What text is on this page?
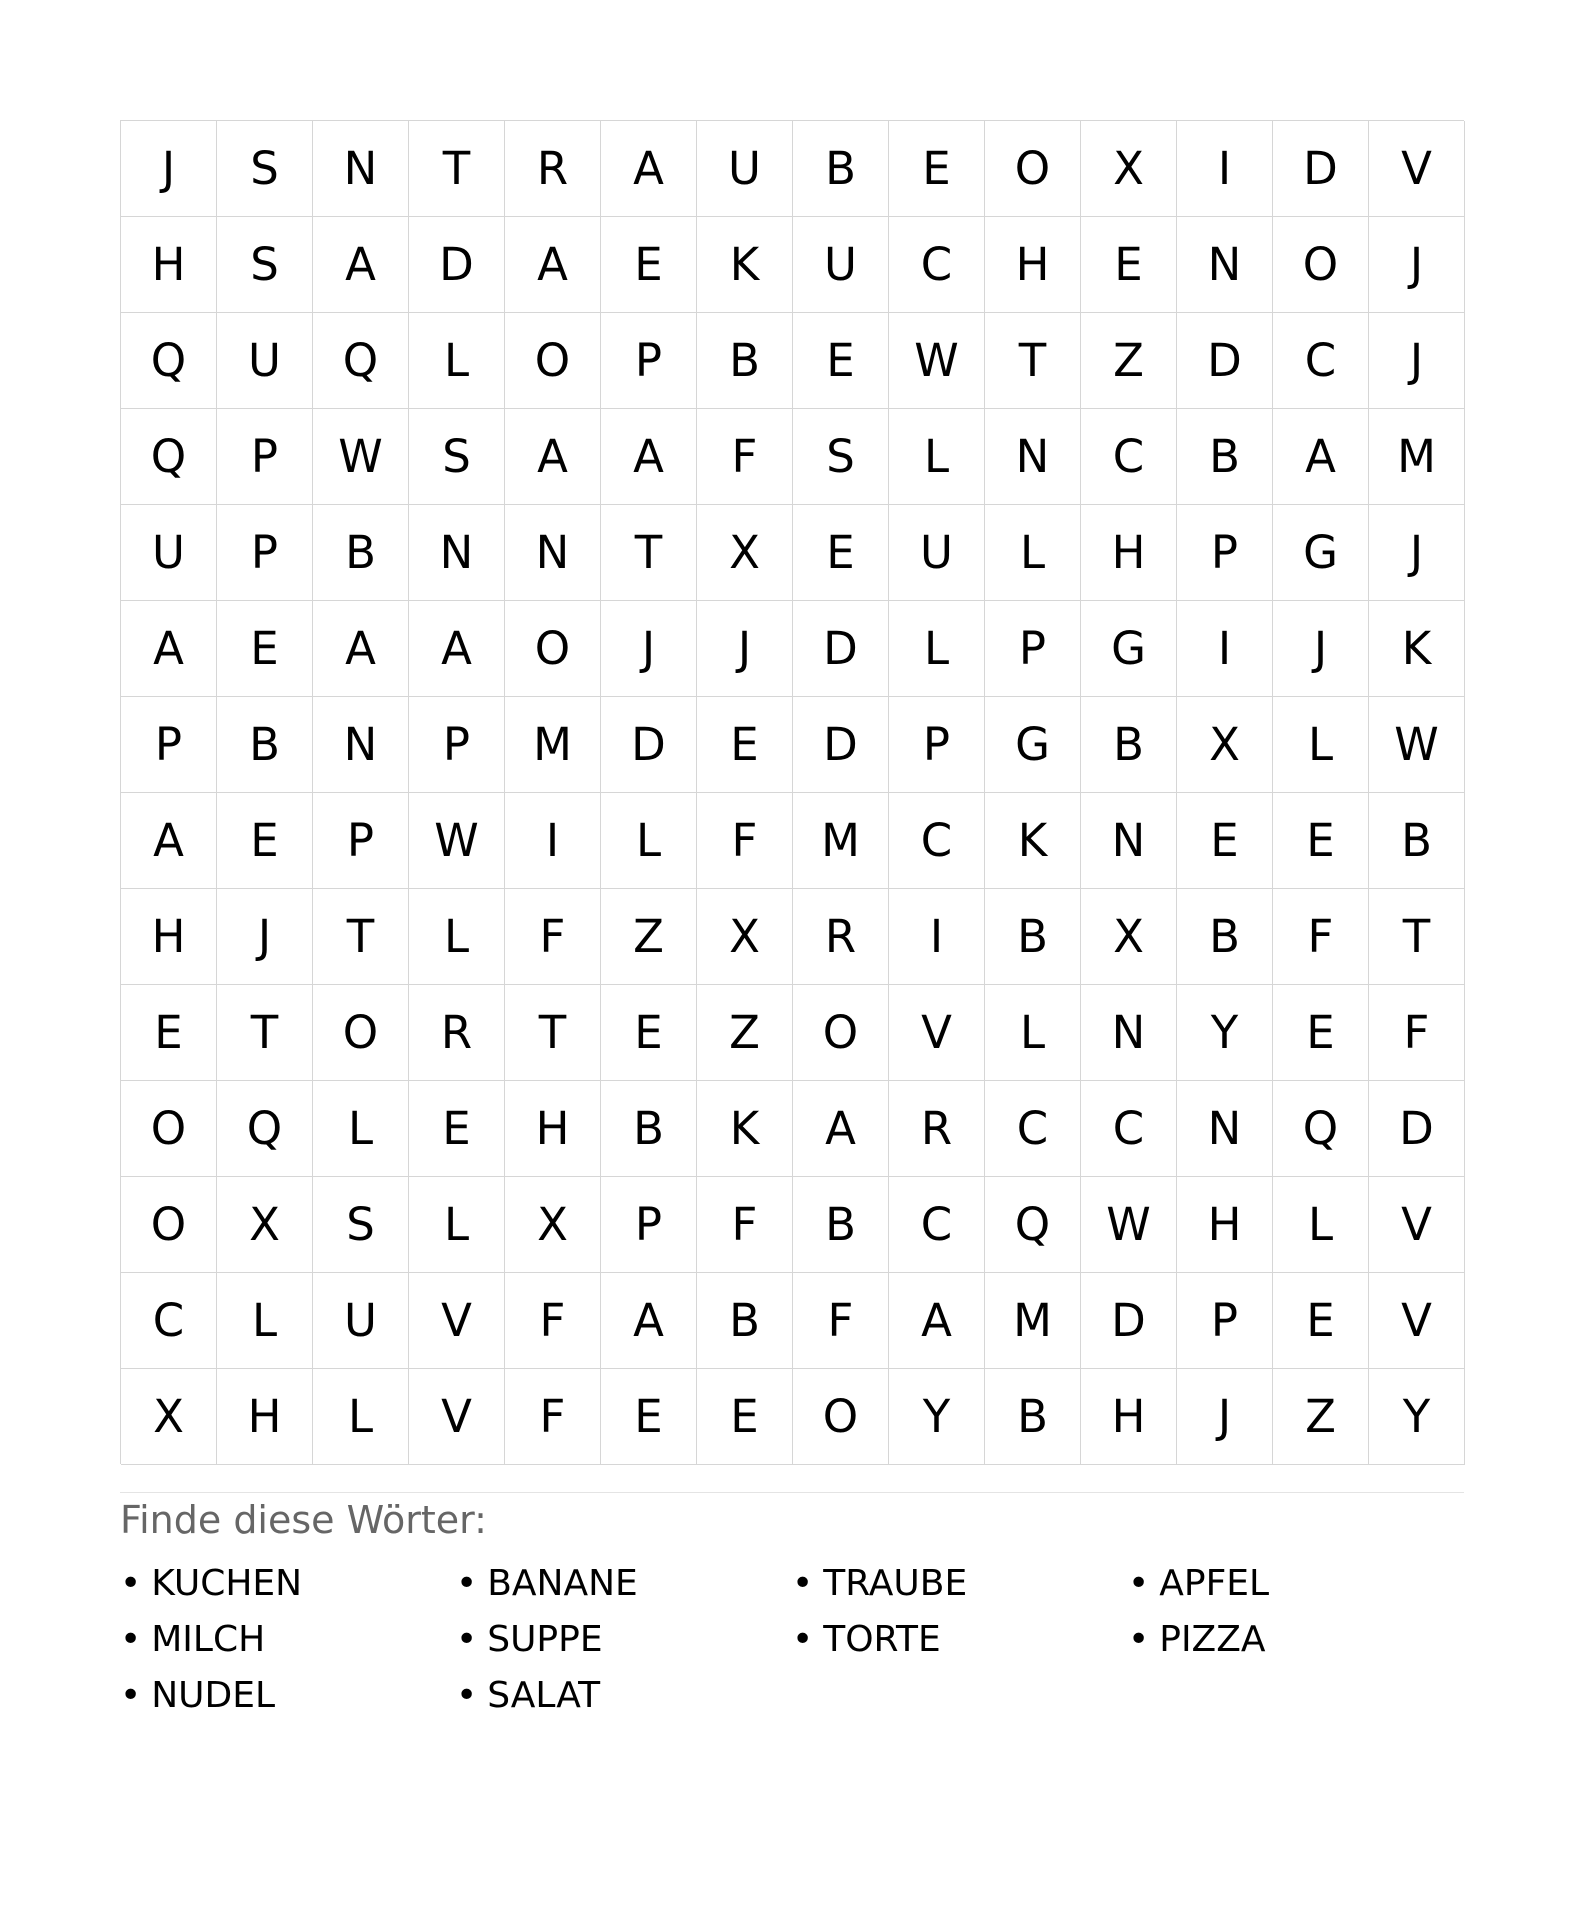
J	S	N	T	R	A	U	B	E	O	X	I	D	V
H	S	A	D	A	E	K	U	C	H	E	N	O	J
Q	U	Q	L	O	P	B	E	W	T	Z	D	C	J
Q	P	W	S	A	A	F	S	L	N	C	B	A	M
U	P	B	N	N	T	X	E	U	L	H	P	G	J
A	E	A	A	O	J	J	D	L	P	G	I	J	K
P	B	N	P	M	D	E	D	P	G	B	X	L	W
A	E	P	W	I	L	F	M	C	K	N	E	E	B
H	J	T	L	F	Z	X	R	I	B	X	B	F	T
E	T	O	R	T	E	Z	O	V	L	N	Y	E	F
O	Q	L	E	H	B	K	A	R	C	C	N	Q	D
O	X	S	L	X	P	F	B	C	Q	W	H	L	V
C	L	U	V	F	A	B	F	A	M	D	P	E	V
X	H	L	V	F	E	E	O	Y	B	H	J	Z	Y
Finde diese Wörter:
• KUCHEN	• BANANE	• TRAUBE	• APFEL
• MILCH	• SUPPE	• TORTE	• PIZZA
• NUDEL	• SALAT
